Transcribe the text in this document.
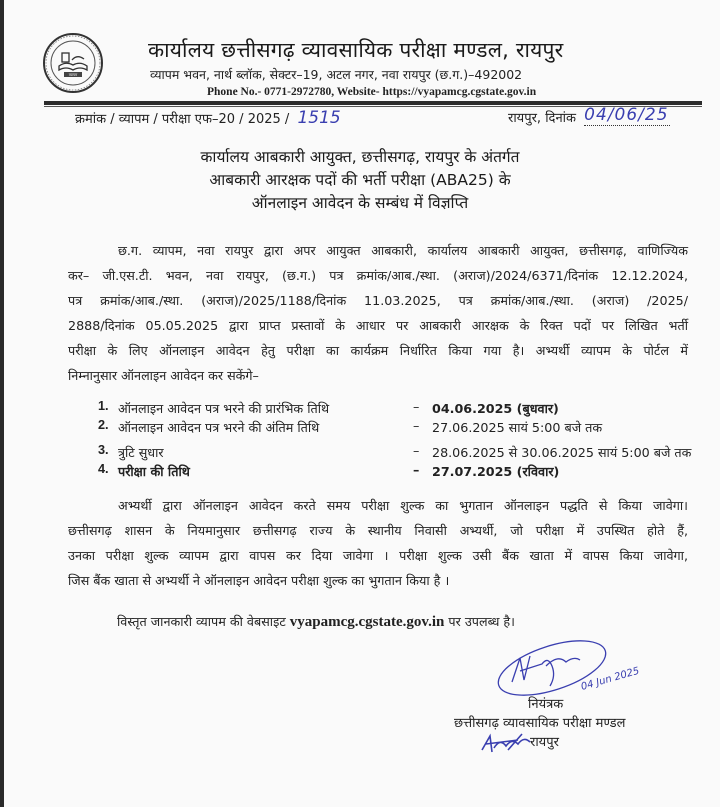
व्यापम
कार्यालय छत्तीसगढ़ व्यावसायिक परीक्षा मण्डल, रायपुर
व्यापम भवन, नार्थ ब्लॉक, सेक्टर–19, अटल नगर, नवा रायपुर (छ.ग.)–492002
Phone No.- 0771-2972780, Website- https://vyapamcg.cgstate.gov.in
क्रमांक / व्यापम / परीक्षा एफ–20 / 2025 / 1515	रायपुर, दिनांक 04/06/25
कार्यालय आबकारी आयुक्त, छत्तीसगढ़, रायपुर के अंतर्गत
आबकारी आरक्षक पदों की भर्ती परीक्षा (ABA25) के
ऑनलाइन आवेदन के सम्बंध में विज्ञप्ति
छ.ग. व्यापम, नवा रायपुर द्वारा अपर आयुक्त आबकारी, कार्यालय आबकारी आयुक्त, छत्तीसगढ़, वाणिज्यिक
कर– जी.एस.टी. भवन, नवा रायपुर, (छ.ग.) पत्र क्रमांक/आब./स्था. (अराज)/2024/6371/दिनांक 12.12.2024,
पत्र क्रमांक/आब./स्था. (अराज)/2025/1188/दिनांक 11.03.2025, पत्र क्रमांक/आब./स्था. (अराज) /2025/
2888/दिनांक 05.05.2025 द्वारा प्राप्त प्रस्तावों के आधार पर आबकारी आरक्षक के रिक्त पदों पर लिखित भर्ती
परीक्षा के लिए ऑनलाइन आवेदन हेतु परीक्षा का कार्यक्रम निर्धारित किया गया है। अभ्यर्थी व्यापम के पोर्टल में
निम्नानुसार ऑनलाइन आवेदन कर सकेंगे–
1. ऑनलाइन आवेदन पत्र भरने की प्रारंभिक तिथि	– 04.06.2025 (बुधवार)
2. ऑनलाइन आवेदन पत्र भरने की अंतिम तिथि	– 27.06.2025 सायं 5:00 बजे तक
3. त्रुटि सुधार	– 28.06.2025 से 30.06.2025 सायं 5:00 बजे तक
4. परीक्षा की तिथि	– 27.07.2025 (रविवार)
अभ्यर्थी द्वारा ऑनलाइन आवेदन करते समय परीक्षा शुल्क का भुगतान ऑनलाइन पद्धति से किया जावेगा।
छत्तीसगढ़ शासन के नियमानुसार छत्तीसगढ़ राज्य के स्थानीय निवासी अभ्यर्थी, जो परीक्षा में उपस्थित होते हैं,
उनका परीक्षा शुल्क व्यापम द्वारा वापस कर दिया जावेगा । परीक्षा शुल्क उसी बैंक खाता में वापस किया जावेगा,
जिस बैंक खाता से अभ्यर्थी ने ऑनलाइन आवेदन परीक्षा शुल्क का भुगतान किया है ।
विस्तृत जानकारी व्यापम की वेबसाइट vyapamcg.cgstate.gov.in पर उपलब्ध है।
04 Jun 2025
नियंत्रक
छत्तीसगढ़ व्यावसायिक परीक्षा मण्डल
रायपुर
